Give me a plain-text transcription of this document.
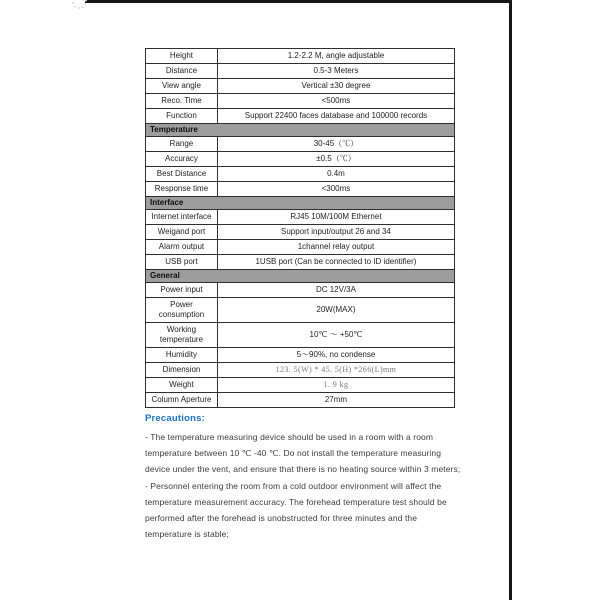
Height	1.2-2.2 M, angle adjustable
Distance	0.5-3 Meters
View angle	Vertical ±30 degree
Reco. Time	<500ms
Function	Support 22400 faces database and 100000 records
Temperature	
Range	30-45（℃）
Accuracy	±0.5（℃）
Best Distance	0.4m
Response time	<300ms
Interface	
Internet interface	RJ45 10M/100M Ethernet
Weigand port	Support input/output 26 and 34
Alarm output	1channel relay output
USB port	1USB port (Can be connected to ID identifier)
General	
Power input	DC 12V/3A
Power consumption	20W(MAX)
Working temperature	10℃ ～ +50℃
Humidity	5～90%, no condense
Dimension	123. 5(W) * 45. 5(H) *266(L)mm
Weight	1. 9 kg
Column Aperture	27mm
Precautions:
- The temperature measuring device should be used in a room with a room temperature between 10 ℃ -40 ℃. Do not install the temperature measuring device under the vent, and ensure that there is no heating source within 3 meters;
- Personnel entering the room from a cold outdoor environment will affect the temperature measurement accuracy. The forehead temperature test should be performed after the forehead is unobstructed for three minutes and the temperature is stable;
